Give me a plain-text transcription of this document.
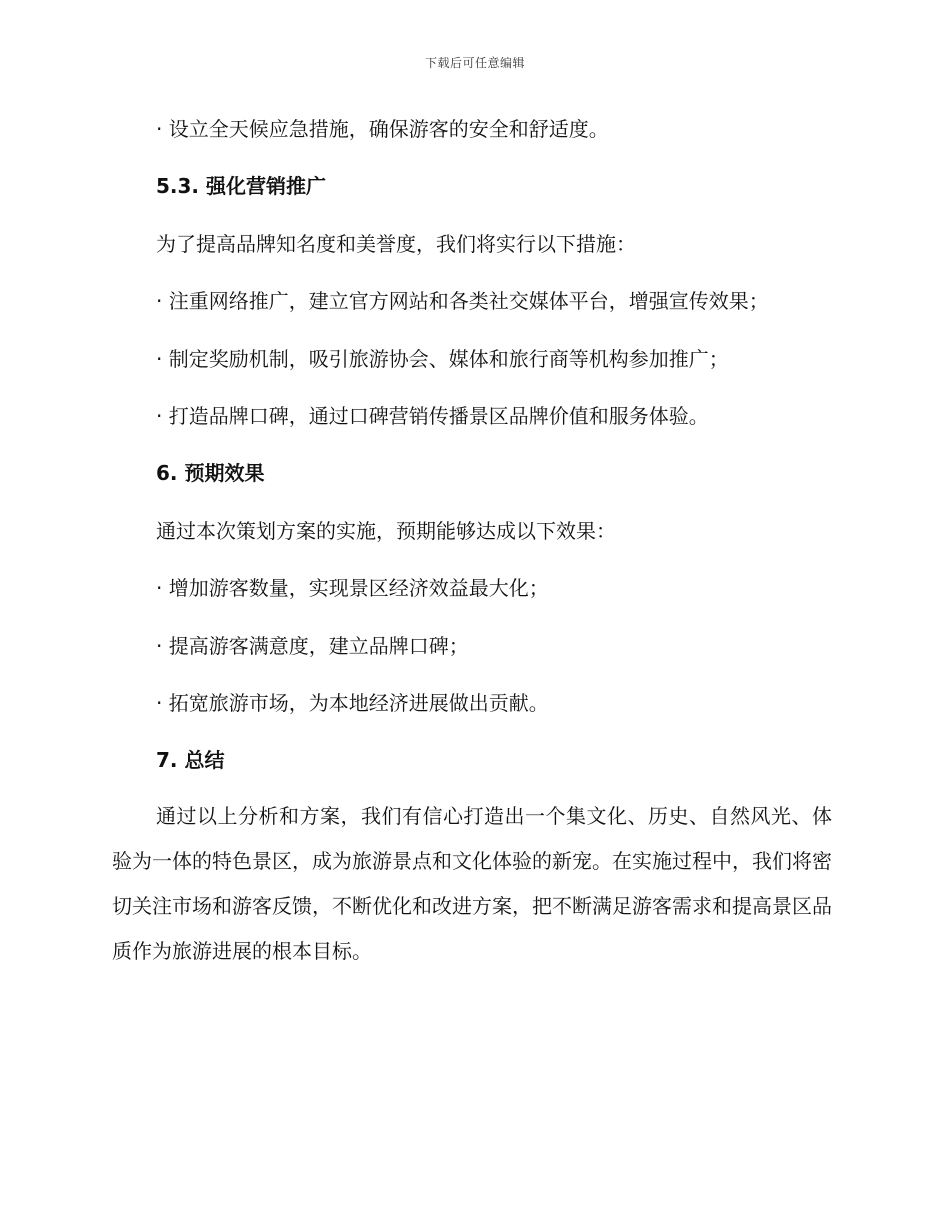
下载后可任意编辑
· 设立全天候应急措施，确保游客的安全和舒适度。
5.3. 强化营销推广
为了提高品牌知名度和美誉度，我们将实行以下措施：
· 注重网络推广，建立官方网站和各类社交媒体平台，增强宣传效果；
· 制定奖励机制，吸引旅游协会、媒体和旅行商等机构参加推广；
· 打造品牌口碑，通过口碑营销传播景区品牌价值和服务体验。
6. 预期效果
通过本次策划方案的实施，预期能够达成以下效果：
· 增加游客数量，实现景区经济效益最大化；
· 提高游客满意度，建立品牌口碑；
· 拓宽旅游市场，为本地经济进展做出贡献。
7. 总结
通过以上分析和方案，我们有信心打造出一个集文化、历史、自然风光、体验为一体的特色景区，成为旅游景点和文化体验的新宠。在实施过程中，我们将密切关注市场和游客反馈，不断优化和改进方案，把不断满足游客需求和提高景区品质作为旅游进展的根本目标。
